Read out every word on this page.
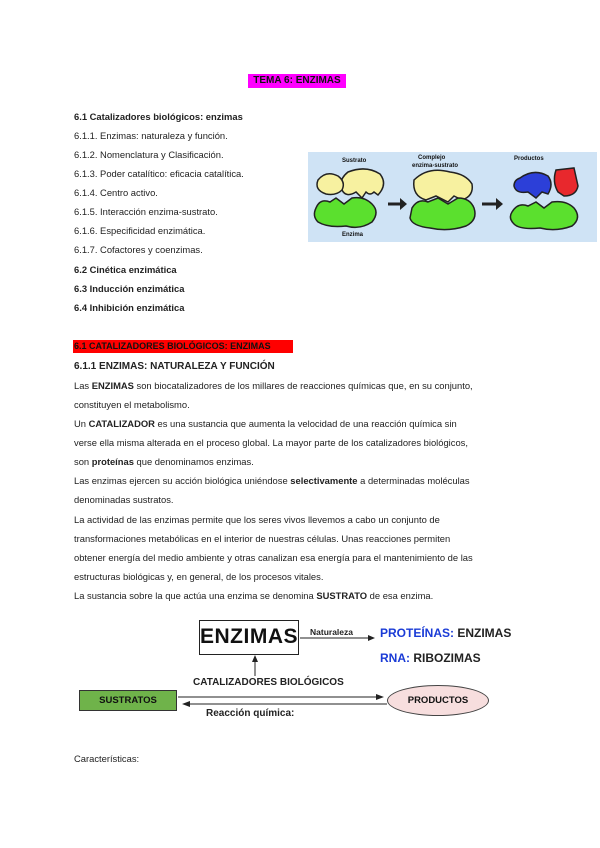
TEMA 6: ENZIMAS
6.1 Catalizadores biológicos: enzimas
6.1.1. Enzimas: naturaleza y función.
6.1.2. Nomenclatura y Clasificación.
6.1.3. Poder catalítico: eficacia catalítica.
6.1.4. Centro activo.
6.1.5. Interacción enzima-sustrato.
6.1.6. Especificidad enzimática.
6.1.7. Cofactores y coenzimas.
6.2 Cinética enzimática
6.3 Inducción enzimática
6.4 Inhibición enzimática
Sustrato	Complejo
enzima-sustrato
Productos
Enzima
6.1 CATALIZADORES BIOLÓGICOS: ENZIMAS
6.1.1 ENZIMAS: NATURALEZA Y FUNCIÓN
Las ENZIMAS son biocatalizadores de los millares de reacciones químicas que, en su conjunto,
constituyen el metabolismo.
Un CATALIZADOR es una sustancia que aumenta la velocidad de una reacción química sin
verse ella misma alterada en el proceso global. La mayor parte de los catalizadores biológicos,
son proteínas que denominamos enzimas.
Las enzimas ejercen su acción biológica uniéndose selectivamente a determinadas moléculas
denominadas sustratos.
La actividad de las enzimas permite que los seres vivos llevemos a cabo un conjunto de
transformaciones metabólicas en el interior de nuestras células. Unas reacciones permiten
obtener energía del medio ambiente y otras canalizan esa energía para el mantenimiento de las
estructuras biológicas y, en general, de los procesos vitales.
La sustancia sobre la que actúa una enzima se denomina SUSTRATO de esa enzima.
ENZIMAS Naturaleza PROTEÍNAS: ENZIMAS
RNA: RIBOZIMAS
CATALIZADORES BIOLÓGICOS
SUSTRATOS	PRODUCTOS
Reacción química:
Características:
